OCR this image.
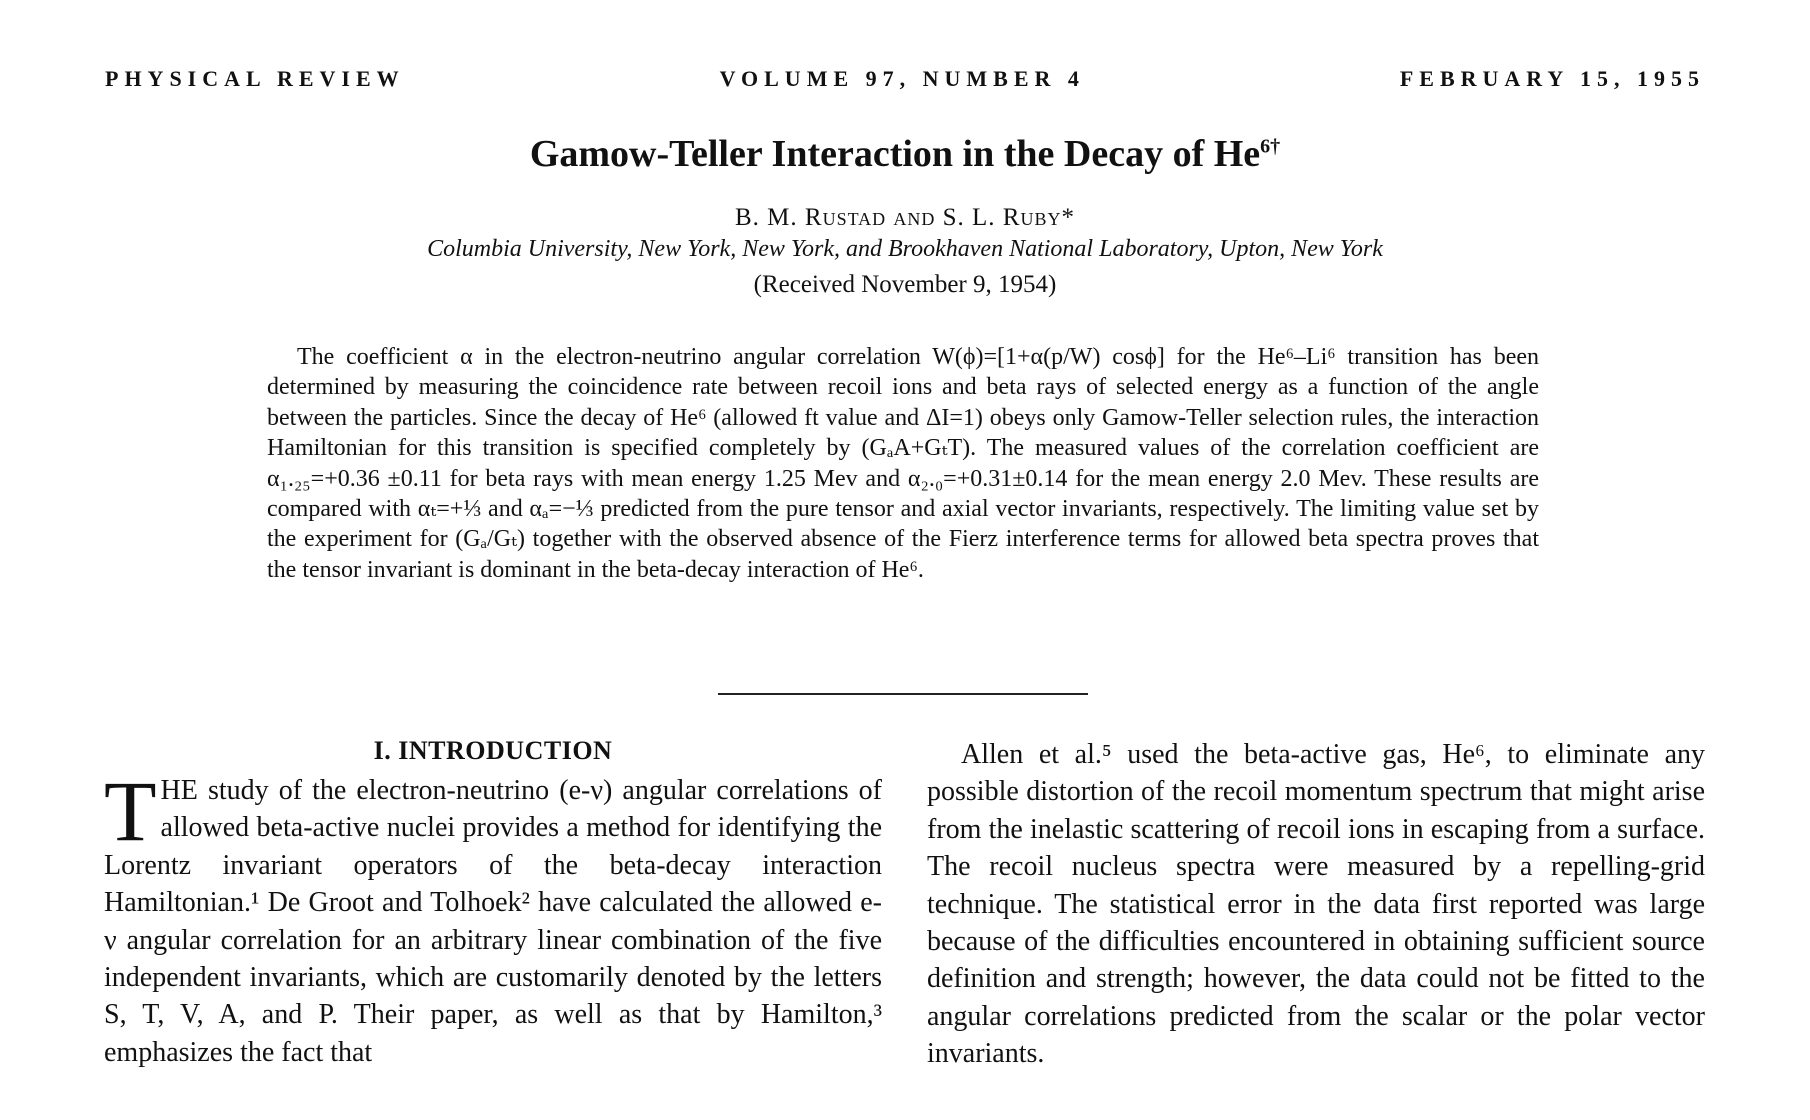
PHYSICAL REVIEW	VOLUME 97, NUMBER 4	FEBRUARY 15, 1955
Gamow-Teller Interaction in the Decay of $He^{6\dagger}$
B. M. Rustad and S. L. Ruby*
Columbia University, New York, New York, and Brookhaven National Laboratory, Upton, New York
(Received November 9, 1954)

The coefficient α in the electron-neutrino angular correlation W(ϕ)=[1+α(p/W) cosϕ] for the He⁶–Li⁶ transition has been determined by measuring the coincidence rate between recoil ions and beta rays of selected energy as a function of the angle between the particles. Since the decay of He⁶ (allowed ft value and ΔI=1) obeys only Gamow-Teller selection rules, the interaction Hamiltonian for this transition is specified completely by (GₐA+GₜT). The measured values of the correlation coefficient are α₁.₂₅=+0.36 ±0.11 for beta rays with mean energy 1.25 Mev and α₂.₀=+0.31±0.14 for the mean energy 2.0 Mev. These results are compared with αₜ=+⅓ and αₐ=−⅓ predicted from the pure tensor and axial vector invariants, respectively. The limiting value set by the experiment for (Gₐ/Gₜ) together with the observed absence of the Fierz interference terms for allowed beta spectra proves that the tensor invariant is dominant in the beta-decay interaction of He⁶.

I. INTRODUCTION

THE study of the electron-neutrino (e-ν) angular correlations of allowed beta-active nuclei provides a method for identifying the Lorentz invariant operators of the beta-decay interaction Hamiltonian.¹ De Groot and Tolhoek² have calculated the allowed e-ν angular correlation for an arbitrary linear combination of the five independent invariants, which are customarily denoted by the letters S, T, V, A, and P. Their paper, as well as that by Hamilton,³ emphasizes the fact that

Allen et al.⁵ used the beta-active gas, He⁶, to eliminate any possible distortion of the recoil momentum spectrum that might arise from the inelastic scattering of recoil ions in escaping from a surface. The recoil nucleus spectra were measured by a repelling-grid technique. The statistical error in the data first reported was large because of the difficulties encountered in obtaining sufficient source definition and strength; however, the data could not be fitted to the angular correlations predicted from the scalar or the polar vector invariants.
